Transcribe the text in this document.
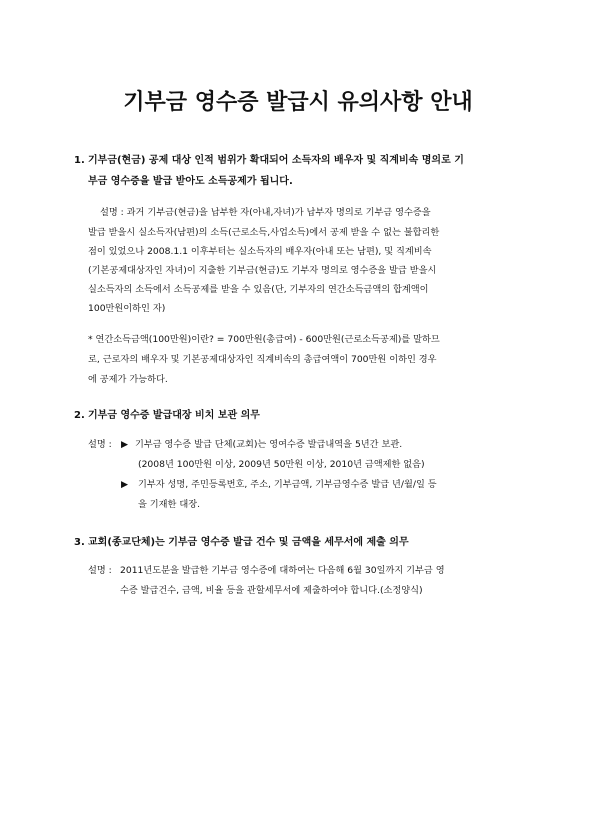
기부금 영수증 발급시 유의사항 안내
1. 기부금(현금) 공제 대상 인적 범위가 확대되어 소득자의 배우자 및 직계비속 명의로 기
부금 영수증을 발급 받아도 소득공제가 됩니다.
설명 : 과거 기부금(현금)을 납부한 자(아내,자녀)가 납부자 명의로 기부금 영수증을
발급 받을시 실소득자(남편)의 소득(근로소득,사업소득)에서 공제 받을 수 없는 불합리한
점이 있었으나 2008.1.1 이후부터는 실소득자의 배우자(아내 또는 남편), 및 직계비속
(기본공제대상자인 자녀)이 지출한 기부금(현금)도 기부자 명의로 영수증을 발급 받을시
실소득자의 소득에서 소득공제를 받을 수 있음(단, 기부자의 연간소득금액의 합계액이
100만원이하인 자)
* 연간소득금액(100만원)이란? = 700만원(총급여) - 600만원(근로소득공제)를 말하므
로, 근로자의 배우자 및 기본공제대상자인 직계비속의 총급여액이 700만원 이하인 경우
에 공제가 가능하다.
2. 기부금 영수증 발급대장 비치 보관 의무
설명 : ▶ 기부금 영수증 발급 단체(교회)는 영여수증 발급내역을 5년간 보관.
(2008년 100만원 이상, 2009년 50만원 이상, 2010년 금액제한 없음)
▶ 기부자 성명, 주민등록번호, 주소, 기부금액, 기부금영수증 발급 년/월/일 등
을 기재한 대장.
3. 교회(종교단체)는 기부금 영수증 발급 건수 및 금액을 세무서에 제출 의무
설명 : 2011년도분을 발급한 기부금 영수증에 대하여는 다음해 6월 30일까지 기부금 영
수증 발급건수, 금액, 비율 등을 관할세무서에 제출하여야 합니다.(소정양식)
